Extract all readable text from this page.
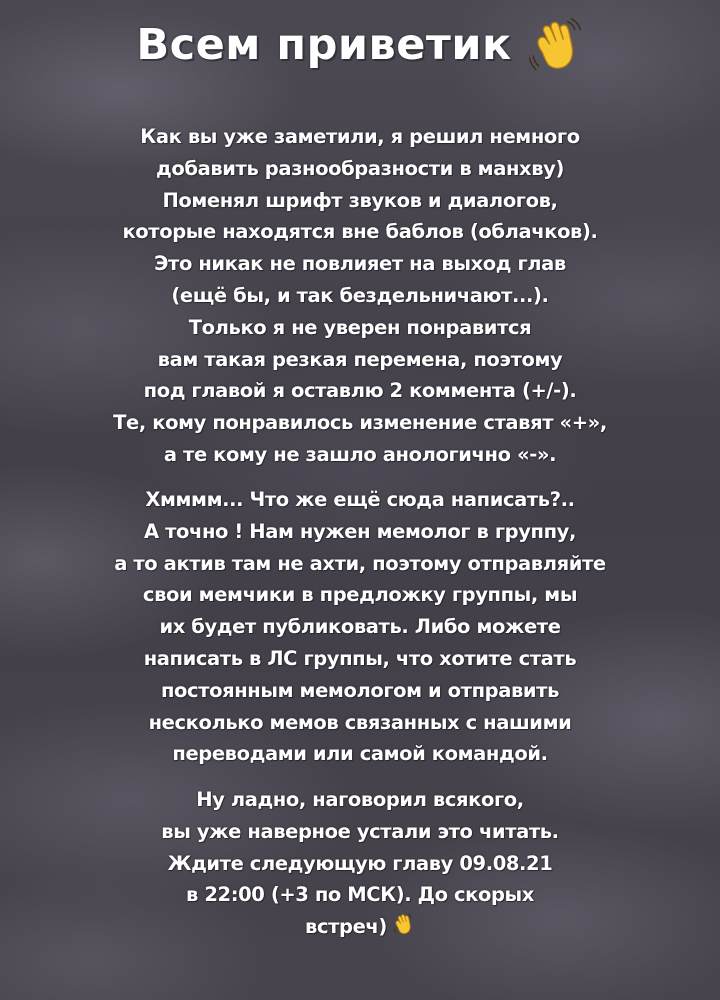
Всем приветик
Как вы уже заметили, я решил немного
добавить разнообразности в манхву)
Поменял шрифт звуков и диалогов,
которые находятся вне баблов (облачков).
Это никак не повлияет на выход глав
(ещё бы, и так бездельничают...).
Только я не уверен понравится
вам такая резкая перемена, поэтому
под главой я оставлю 2 коммента (+/-).
Те, кому понравилось изменение ставят «+»,
а те кому не зашло анологично «-».
Хмммм... Что же ещё сюда написать?..
А точно ! Нам нужен мемолог в группу,
а то актив там не ахти, поэтому отправляйте
свои мемчики в предложку группы, мы
их будет публиковать. Либо можете
написать в ЛС группы, что хотите стать
постоянным мемологом и отправить
несколько мемов связанных с нашими
переводами или самой командой.
Ну ладно, наговорил всякого,
вы уже наверное устали это читать.
Ждите следующую главу 09.08.21
в 22:00 (+3 по МСК). До скорых
встреч)
